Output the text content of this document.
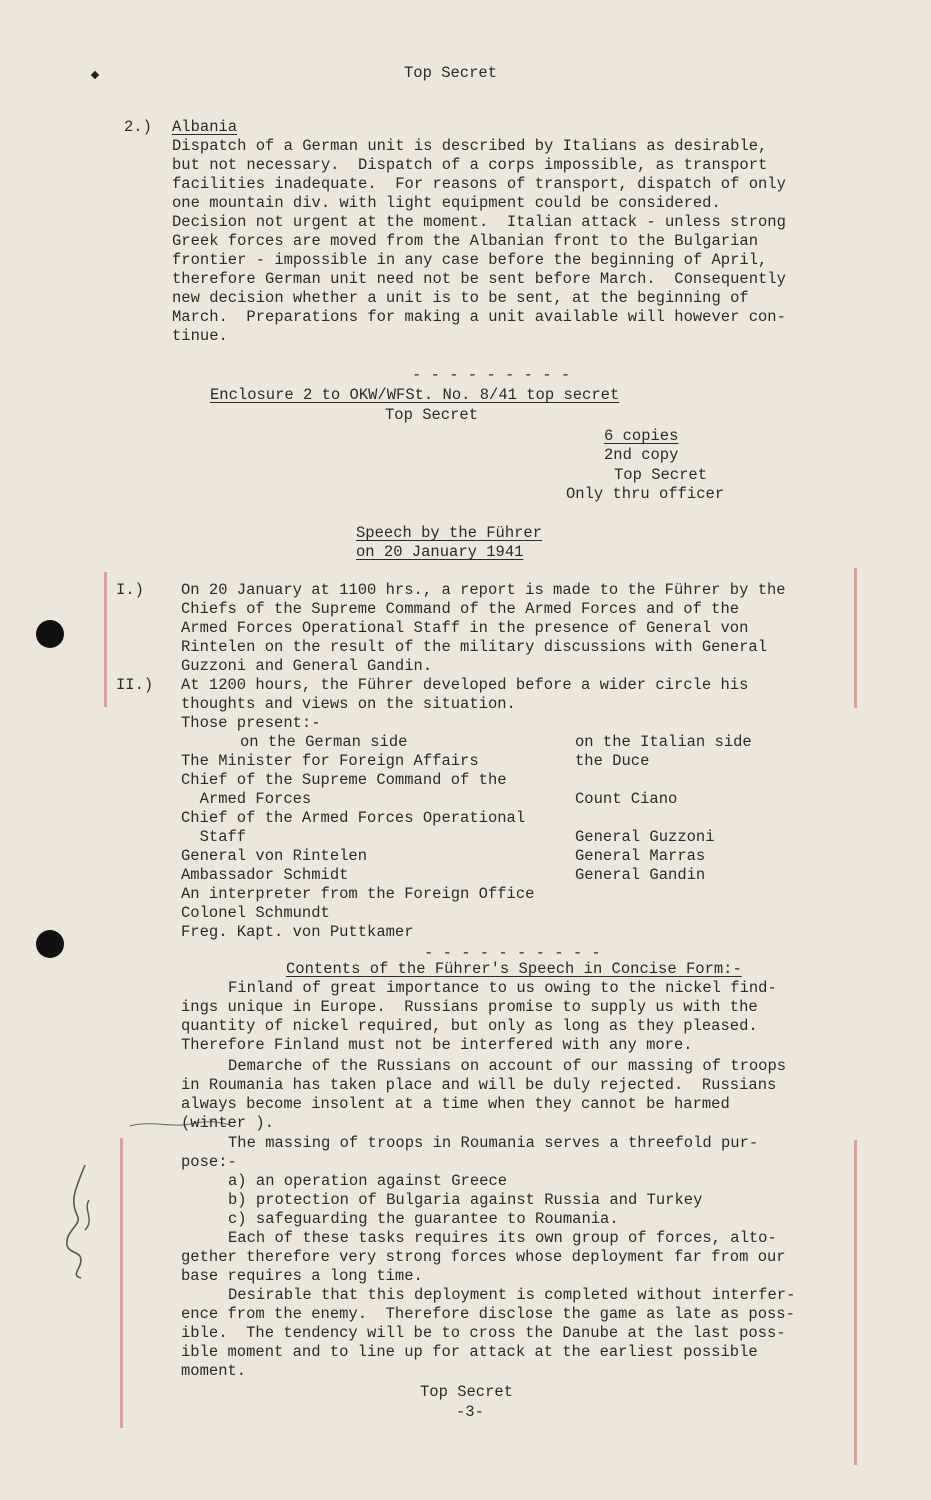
Top Secret
2.) Albania
Dispatch of a German unit is described by Italians as desirable,
but not necessary.  Dispatch of a corps impossible, as transport
facilities inadequate.  For reasons of transport, dispatch of only
one mountain div. with light equipment could be considered.
Decision not urgent at the moment.  Italian attack - unless strong
Greek forces are moved from the Albanian front to the Bulgarian
frontier - impossible in any case before the beginning of April,
therefore German unit need not be sent before March.  Consequently
new decision whether a unit is to be sent, at the beginning of
March.  Preparations for making a unit available will however con-
tinue.
- - - - - - - - -
Enclosure 2 to OKW/WFSt. No. 8/41 top secret
Top Secret
6 copies
2nd copy
Top Secret
Only thru officer
Speech by the Führer
on 20 January 1941
I.) On 20 January at 1100 hrs., a report is made to the Führer by the
Chiefs of the Supreme Command of the Armed Forces and of the
Armed Forces Operational Staff in the presence of General von
Rintelen on the result of the military discussions with General
Guzzoni and General Gandin.
II.) At 1200 hours, the Führer developed before a wider circle his
thoughts and views on the situation.
Those present:-
on the German side
The Minister for Foreign Affairs
Chief of the Supreme Command of the
Armed Forces
Chief of the Armed Forces Operational
Staff
General von Rintelen
Ambassador Schmidt
An interpreter from the Foreign Office
Colonel Schmundt
Freg. Kapt. von Puttkamer
on the Italian side
the Duce
Count Ciano
General Guzzoni
General Marras
General Gandin
- - - - - - - - - -
Contents of the Führer's Speech in Concise Form:-
Finland of great importance to us owing to the nickel find-
ings unique in Europe.  Russians promise to supply us with the
quantity of nickel required, but only as long as they pleased.
Therefore Finland must not be interfered with any more.
Demarche of the Russians on account of our massing of troops
in Roumania has taken place and will be duly rejected.  Russians
always become insolent at a time when they cannot be harmed
(winter ).
The massing of troops in Roumania serves a threefold pur-
pose:-
a) an operation against Greece
b) protection of Bulgaria against Russia and Turkey
c) safeguarding the guarantee to Roumania.
Each of these tasks requires its own group of forces, alto-
gether therefore very strong forces whose deployment far from our
base requires a long time.
Desirable that this deployment is completed without interfer-
ence from the enemy.  Therefore disclose the game as late as poss-
ible.  The tendency will be to cross the Danube at the last poss-
ible moment and to line up for attack at the earliest possible
moment.
Top Secret
-3-
